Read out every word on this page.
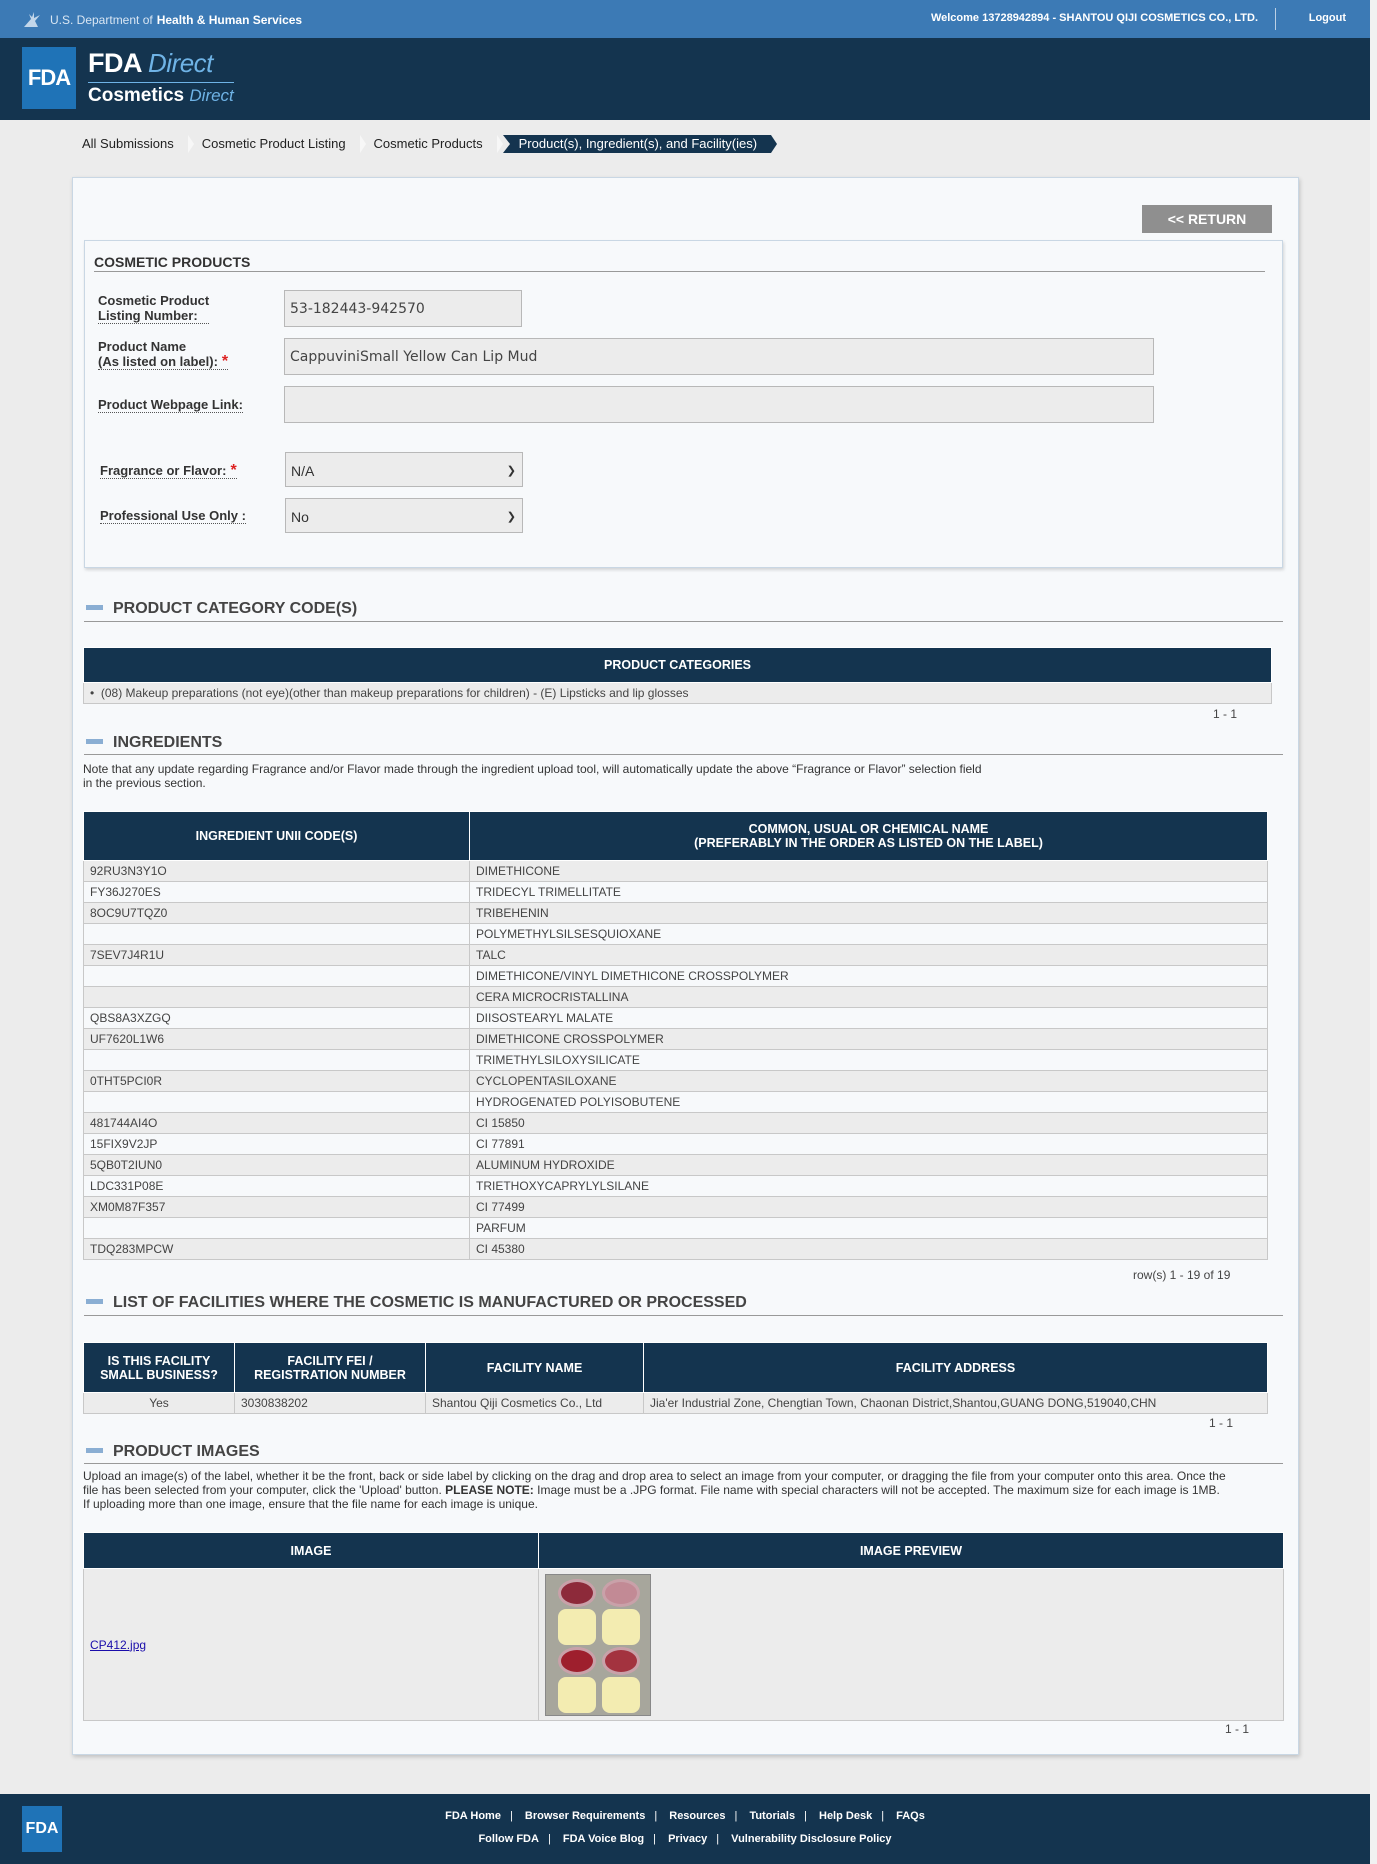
U.S. Department of Health & Human Services	Welcome 13728942894 - SHANTOU QIJI COSMETICS CO., LTD.	Logout
FDA FDA Direct
Cosmetics Direct
All Submissions	Cosmetic Product Listing	Cosmetic Products	Product(s), Ingredient(s), and Facility(ies)
<< RETURN
COSMETIC PRODUCTS
Cosmetic Product
Listing Number:	53-182443-942570
Product Name
(As listed on label): *	CappuviniSmall Yellow Can Lip Mud
Product Webpage Link:
Fragrance or Flavor: *	N/A	❯
Professional Use Only :	No	❯
PRODUCT CATEGORY CODE(S)
PRODUCT CATEGORIES
•  (08) Makeup preparations (not eye)(other than makeup preparations for children) - (E) Lipsticks and lip glosses
1 - 1
INGREDIENTS
Note that any update regarding Fragrance and/or Flavor made through the ingredient upload tool, will automatically update the above “Fragrance or Flavor” selection field
in the previous section.
INGREDIENT UNII CODE(S)	COMMON, USUAL OR CHEMICAL NAME
(PREFERABLY IN THE ORDER AS LISTED ON THE LABEL)
92RU3N3Y1O	DIMETHICONE
FY36J270ES	TRIDECYL TRIMELLITATE
8OC9U7TQZ0	TRIBEHENIN
	POLYMETHYLSILSESQUIOXANE
7SEV7J4R1U	TALC
	DIMETHICONE/VINYL DIMETHICONE CROSSPOLYMER
	CERA MICROCRISTALLINA
QBS8A3XZGQ	DIISOSTEARYL MALATE
UF7620L1W6	DIMETHICONE CROSSPOLYMER
	TRIMETHYLSILOXYSILICATE
0THT5PCI0R	CYCLOPENTASILOXANE
	HYDROGENATED POLYISOBUTENE
481744AI4O	CI 15850
15FIX9V2JP	CI 77891
5QB0T2IUN0	ALUMINUM HYDROXIDE
LDC331P08E	TRIETHOXYCAPRYLYLSILANE
XM0M87F357	CI 77499
	PARFUM
TDQ283MPCW	CI 45380
row(s) 1 - 19 of 19
LIST OF FACILITIES WHERE THE COSMETIC IS MANUFACTURED OR PROCESSED
IS THIS FACILITY
SMALL BUSINESS?	FACILITY FEI /
REGISTRATION NUMBER	FACILITY NAME	FACILITY ADDRESS
Yes	3030838202	Shantou Qiji Cosmetics Co., Ltd	Jia'er Industrial Zone, Chengtian Town, Chaonan District,Shantou,GUANG DONG,519040,CHN
1 - 1
PRODUCT IMAGES
Upload an image(s) of the label, whether it be the front, back or side label by clicking on the drag and drop area to select an image from your computer, or dragging the file from your computer onto this area. Once the
file has been selected from your computer, click the 'Upload' button. PLEASE NOTE: Image must be a .JPG format. File name with special characters will not be accepted. The maximum size for each image is 1MB.
If uploading more than one image, ensure that the file name for each image is unique.
IMAGE	IMAGE PREVIEW
CP412.jpg	
1 - 1
FDA
FDA Home | Browser Requirements | Resources | Tutorials | Help Desk | FAQs
Follow FDA | FDA Voice Blog | Privacy | Vulnerability Disclosure Policy
